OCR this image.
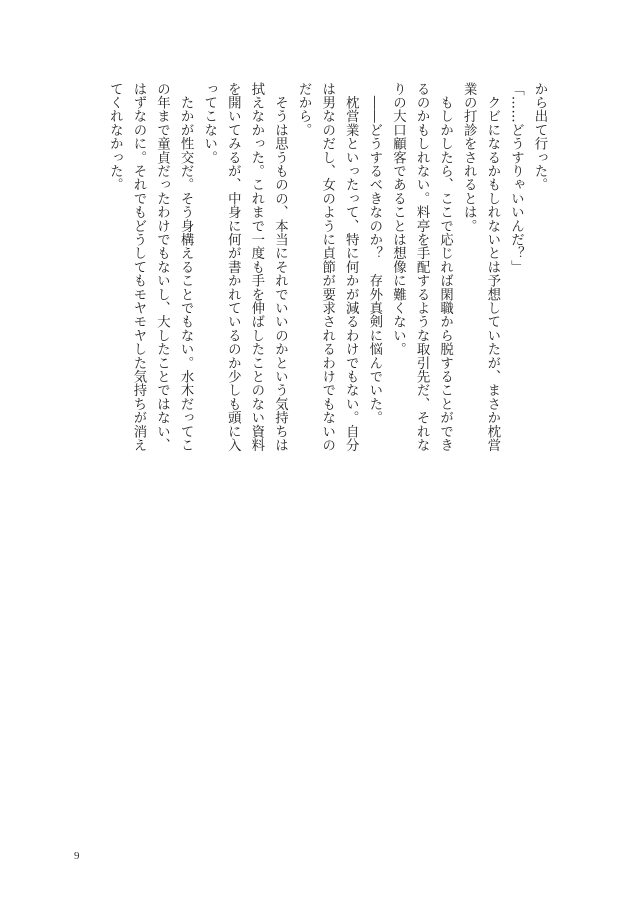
から出て行った。
「……どうすりゃいいんだ？」
　クビになるかもしれないとは予想していたが、まさか枕営
業の打診をされるとは。
　もしかしたら、ここで応じれば閑職から脱することができ
るのかもしれない。料亭を手配するような取引先だ、それな
りの大口顧客であることは想像に難くない。
　――どうするべきなのか？　存外真剣に悩んでいた。
　枕営業といったって、特に何かが減るわけでもない。自分
は男なのだし、女のように貞節が要求されるわけでもないの
だから。
　そうは思うものの、本当にそれでいいのかという気持ちは
拭えなかった。これまで一度も手を伸ばしたことのない資料
を開いてみるが、中身に何が書かれているのか少しも頭に入
ってこない。
　たかが性交だ。そう身構えることでもない。水木だってこ
の年まで童貞だったわけでもないし、大したことではない、
はずなのに。それでもどうしてもモヤモヤした気持ちが消え
てくれなかった。
9
